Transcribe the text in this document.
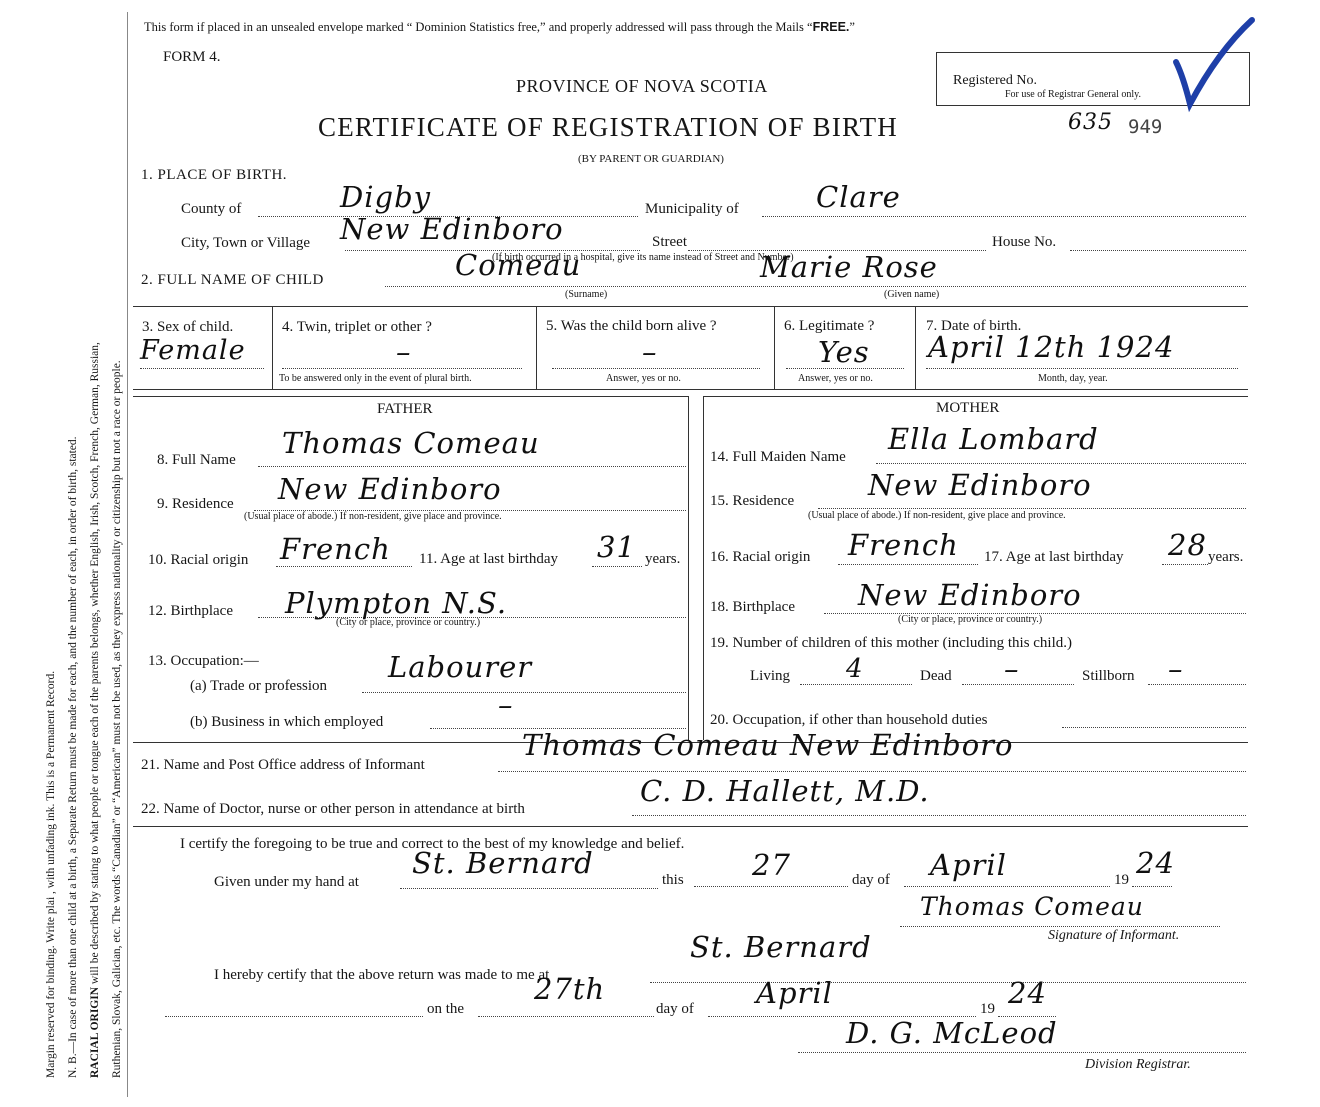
Margin reserved for binding. Write plai , with unfading ink. This is a Permanent Record. N. B.—In case of more than one child at a birth, a Separate Return must be made for each, and the number of each, in order of birth, stated. RACIAL ORIGIN will be described by stating to what people or tongue each of the parents belongs, whether English, Irish, Scotch, French, German, Russian, Ruthenian, Slovak, Galician, etc. The words “Canadian” or “American” must not be used, as they express nationality or citizenship but not a race or people.
This form if placed in an unsealed envelope marked “ Dominion Statistics free,” and properly addressed will pass through the Mails “FREE.”
FORM 4.
PROVINCE OF NOVA SCOTIA
CERTIFICATE OF REGISTRATION OF BIRTH
(BY PARENT OR GUARDIAN)
Registered No.
For use of Registrar General only.
635 949
1. PLACE OF BIRTH.
County of	Digby	Municipality of	Clare
City, Town or Village New Edinboro	Street	House No.
(If birth occurred in a hospital, give its name instead of Street and Number)
2. FULL NAME OF CHILD	Comeau	Marie Rose
(Surname)	(Given name)
3. Sex of child.
Female
4. Twin, triplet or other ?
–
To be answered only in the event of plural birth.
5. Was the child born alive ?
–
Answer, yes or no.
6. Legitimate ?
Yes
Answer, yes or no.
7. Date of birth.
April 12th 1924
Month, day, year.
FATHER	MOTHER
8. Full Name Thomas Comeau
9. Residence New Edinboro
(Usual place of abode.) If non-resident, give place and province.
10. Racial origin French 11. Age at last birthday 31 years.
12. Birthplace Plympton N.S.
(City or place, province or country.)
13. Occupation:—
(a) Trade or profession
Labourer
(b) Business in which employed	–
14. Full Maiden Name
Ella Lombard
15. Residence	New Edinboro
(Usual place of abode.) If non-resident, give place and province.
16. Racial origin French 17. Age at last birthday 28 years.
18. Birthplace New Edinboro
(City or place, province or country.)
19. Number of children of this mother (including this child.)
Living 4	Dead –	Stillborn –
20. Occupation, if other than household duties
21. Name and Post Office address of Informant
Thomas Comeau New Edinboro
22. Name of Doctor, nurse or other person in attendance at birth
C. D. Hallett, M.D.
I certify the foregoing to be true and correct to the best of my knowledge and belief.
Given under my hand at
St. Bernard	this 27	day of April	19 24
Thomas Comeau
Signature of Informant.
I hereby certify that the above return was made to me at
St. Bernard
on the
27th
day of April	19 24
D. G. McLeod
Division Registrar.
